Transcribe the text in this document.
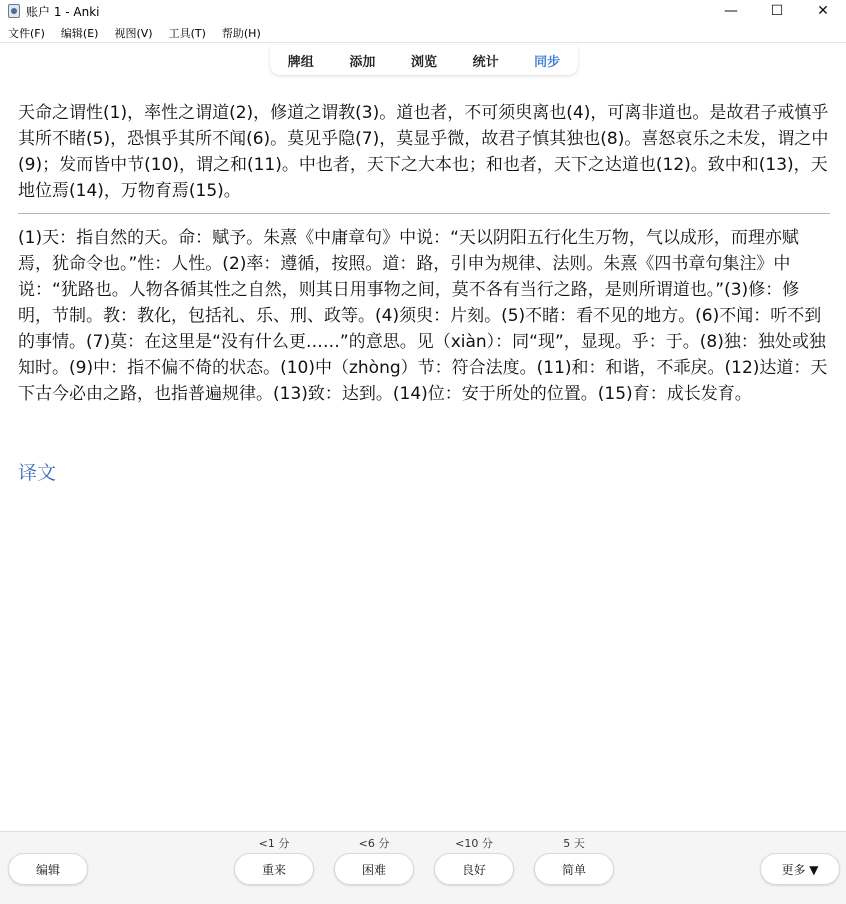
账户 1 - Anki	—	☐	✕
文件(F)	编辑(E)	视图(V)	工具(T)	帮助(H)
牌组	添加	浏览	统计	同步

天命之谓性(1)，率性之谓道(2)，修道之谓教(3)。道也者，不可须臾离也(4)，可离非道也。是故君子戒慎乎其所不睹(5)，恐惧乎其所不闻(6)。莫见乎隐(7)，莫显乎微，故君子慎其独也(8)。喜怒哀乐之未发，谓之中(9)；发而皆中节(10)，谓之和(11)。中也者，天下之大本也；和也者，天下之达道也(12)。致中和(13)，天地位焉(14)，万物育焉(15)。

(1)天：指自然的天。命：赋予。朱熹《中庸章句》中说：“天以阴阳五行化生万物，气以成形，而理亦赋焉，犹命令也。”性：人性。(2)率：遵循，按照。道：路，引申为规律、法则。朱熹《四书章句集注》中说：“犹路也。人物各循其性之自然，则其日用事物之间，莫不各有当行之路，是则所谓道也。”(3)修：修明，节制。教：教化，包括礼、乐、刑、政等。(4)须臾：片刻。(5)不睹：看不见的地方。(6)不闻：听不到的事情。(7)莫：在这里是“没有什么更……”的意思。见（xiàn）：同“现”，显现。乎：于。(8)独：独处或独知时。(9)中：指不偏不倚的状态。(10)中（zhòng）节：符合法度。(11)和：和谐，不乖戾。(12)达道：天下古今必由之路，也指普遍规律。(13)致：达到。(14)位：安于所处的位置。(15)育：成长发育。

译文
编辑
<1 分
重来
<6 分
困难
<10 分
良好
5 天
简单	更多 ▼
